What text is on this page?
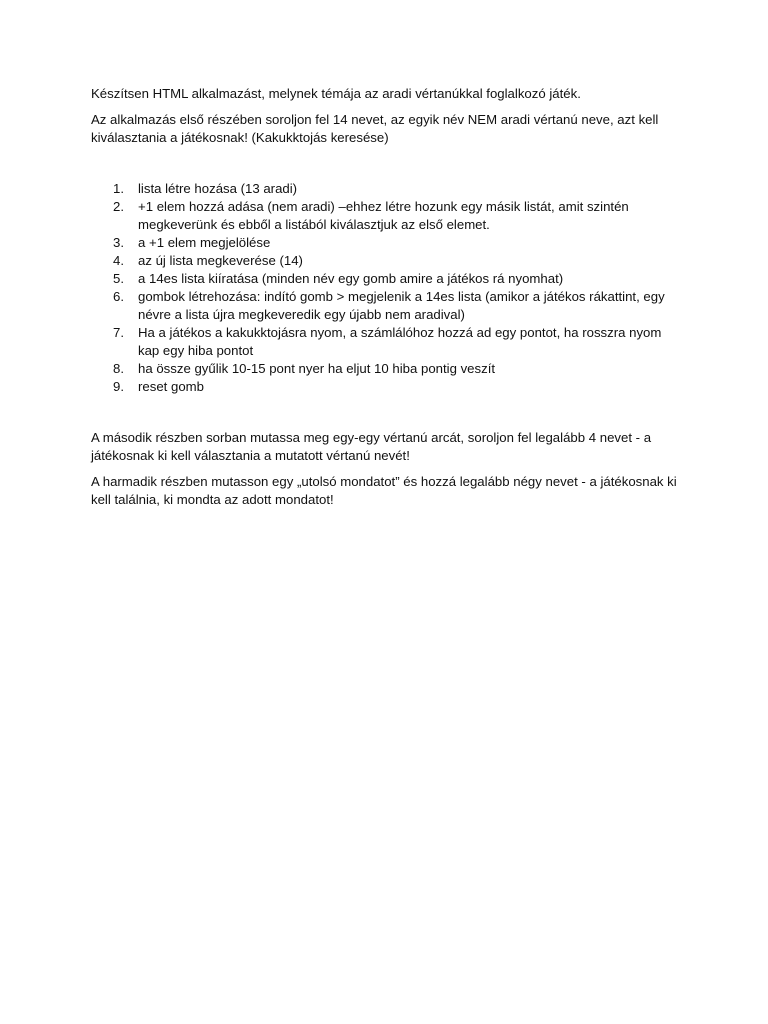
Készítsen HTML alkalmazást, melynek témája az aradi vértanúkkal foglalkozó játék.

Az alkalmazás első részében soroljon fel 14 nevet, az egyik név NEM aradi vértanú neve, azt kell kiválasztania a játékosnak! (Kakukktojás keresése)

1. lista létre hozása (13 aradi)
2. +1 elem hozzá adása (nem aradi) –ehhez létre hozunk egy másik listát, amit szintén megkeverünk és ebből a listából kiválasztjuk az első elemet.
3. a +1 elem megjelölése
4. az új lista megkeverése (14)
5. a 14es lista kiíratása (minden név egy gomb amire a játékos rá nyomhat)
6. gombok létrehozása: indító gomb > megjelenik a 14es lista (amikor a játékos rákattint, egy névre a lista újra megkeveredik egy újabb nem aradival)
7. Ha a játékos a kakukktojásra nyom, a számlálóhoz hozzá ad egy pontot, ha rosszra nyom kap egy hiba pontot
8. ha össze gyűlik 10-15 pont nyer ha eljut 10 hiba pontig veszít
9. reset gomb

A második részben sorban mutassa meg egy-egy vértanú arcát, soroljon fel legalább 4 nevet - a játékosnak ki kell választania a mutatott vértanú nevét!

A harmadik részben mutasson egy „utolsó mondatot” és hozzá legalább négy nevet - a játékosnak ki kell találnia, ki mondta az adott mondatot!
